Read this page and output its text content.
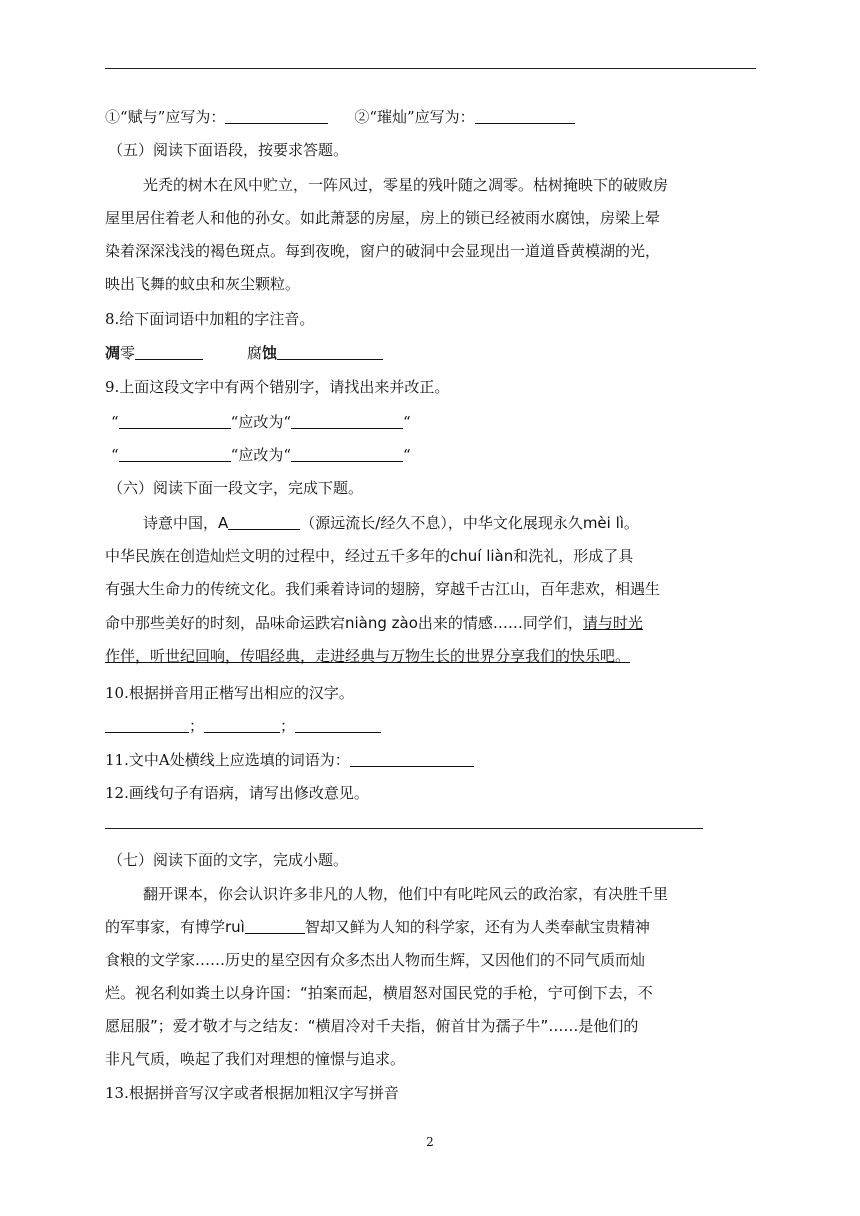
①“赋与”应写为：	②“璀灿”应写为：
（五）阅读下面语段，按要求答题。
光秃的树木在风中贮立，一阵风过，零星的残叶随之凋零。枯树掩映下的破败房
屋里居住着老人和他的孙女。如此萧瑟的房屋，房上的锁已经被雨水腐蚀，房梁上晕
染着深深浅浅的褐色斑点。每到夜晚，窗户的破洞中会显现出一道道昏黄模湖的光，
映出飞舞的蚊虫和灰尘颗粒。
8.给下面词语中加粗的字注音。
凋零	腐蚀
9.上面这段文字中有两个错别字，请找出来并改正。
“	“应改为“	“
“	“应改为“	“
（六）阅读下面一段文字，完成下题。
诗意中国，A	（源远流长/经久不息），中华文化展现永久mèi lì。
中华民族在创造灿烂文明的过程中，经过五千多年的chuí liàn和洗礼，形成了具
有强大生命力的传统文化。我们乘着诗词的翅膀，穿越千古江山，百年悲欢，相遇生
命中那些美好的时刻，品味命运跌宕niàng zào出来的情感……同学们，请与时光
作伴，听世纪回响，传唱经典，走进经典与万物生长的世界分享我们的快乐吧。
10.根据拼音用正楷写出相应的汉字。
；	；
11.文中A处横线上应选填的词语为：
12.画线句子有语病，请写出修改意见。
（七）阅读下面的文字，完成小题。
翻开课本，你会认识许多非凡的人物，他们中有叱咤风云的政治家，有决胜千里
的军事家，有博学ruì	智却又鲜为人知的科学家，还有为人类奉献宝贵精神
食粮的文学家……历史的星空因有众多杰出人物而生辉，又因他们的不同气质而灿
烂。视名利如粪土以身许国：“拍案而起，横眉怒对国民党的手枪，宁可倒下去，不
愿屈服”；爱才敬才与之结友：“横眉冷对千夫指，俯首甘为孺子牛”……是他们的
非凡气质，唤起了我们对理想的憧憬与追求。
13.根据拼音写汉字或者根据加粗汉字写拼音
2
